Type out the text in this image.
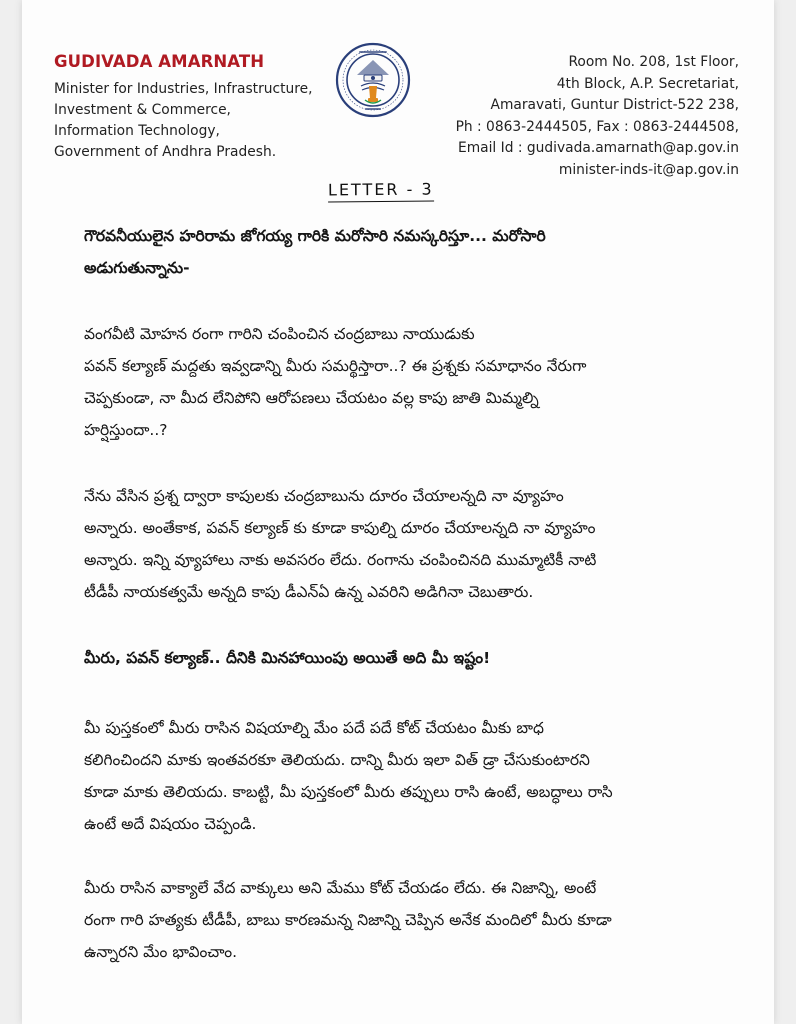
GUDIVADA AMARNATH
Minister for Industries, Infrastructure,
Investment & Commerce,
Information Technology,
Government of Andhra Pradesh.
Room No. 208, 1st Floor,
4th Block, A.P. Secretariat,
Amaravati, Guntur District-522 238,
Ph : 0863-2444505, Fax : 0863-2444508,
Email Id : gudivada.amarnath@ap.gov.in
minister-inds-it@ap.gov.in
LETTER - 3

గౌరవనీయులైన హరిరామ జోగయ్య గారికి మరోసారి నమస్కరిస్తూ... మరోసారి
అడుగుతున్నాను-

వంగవీటి మోహన రంగా గారిని చంపించిన చంద్రబాబు నాయుడుకు
పవన్ కల్యాణ్ మద్దతు ఇవ్వడాన్ని మీరు సమర్థిస్తారా..? ఈ ప్రశ్నకు సమాధానం నేరుగా
చెప్పకుండా, నా మీద లేనిపోని ఆరోపణలు చేయటం వల్ల కాపు జాతి మిమ్మల్ని
హర్షిస్తుందా..?

నేను వేసిన ప్రశ్న ద్వారా కాపులకు చంద్రబాబును దూరం చేయాలన్నది నా వ్యూహం
అన్నారు. అంతేకాక, పవన్ కల్యాణ్ కు కూడా కాపుల్ని దూరం చేయాలన్నది నా వ్యూహం
అన్నారు. ఇన్ని వ్యూహాలు నాకు అవసరం లేదు. రంగాను చంపించినది ముమ్మాటికీ నాటి
టీడీపీ నాయకత్వమే అన్నది కాపు డీఎన్ఏ ఉన్న ఎవరిని అడిగినా చెబుతారు.

మీరు, పవన్ కల్యాణ్.. దీనికి మినహాయింపు అయితే అది మీ ఇష్టం!

మీ పుస్తకంలో మీరు రాసిన విషయాల్ని మేం పదే పదే కోట్ చేయటం మీకు బాధ
కలిగించిందని మాకు ఇంతవరకూ తెలియదు. దాన్ని మీరు ఇలా విత్ డ్రా చేసుకుంటారని
కూడా మాకు తెలియదు. కాబట్టి, మీ పుస్తకంలో మీరు తప్పులు రాసి ఉంటే, అబద్ధాలు రాసి
ఉంటే అదే విషయం చెప్పండి.

మీరు రాసిన వాక్యాలే వేద వాక్కులు అని మేము కోట్ చేయడం లేదు. ఈ నిజాన్ని, అంటే
రంగా గారి హత్యకు టీడీపీ, బాబు కారణమన్న నిజాన్ని చెప్పిన అనేక మందిలో మీరు కూడా
ఉన్నారని మేం భావించాం.
